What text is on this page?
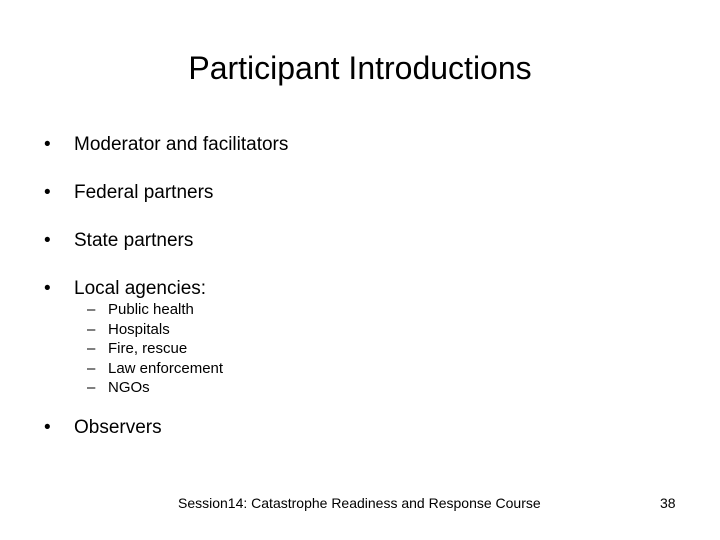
Participant Introductions
• Moderator and facilitators
• Federal partners
• State partners
• Local agencies:
• Observers
– Public health
– Hospitals
– Fire, rescue
– Law enforcement
– NGOs
Session14: Catastrophe Readiness and Response Course	38
